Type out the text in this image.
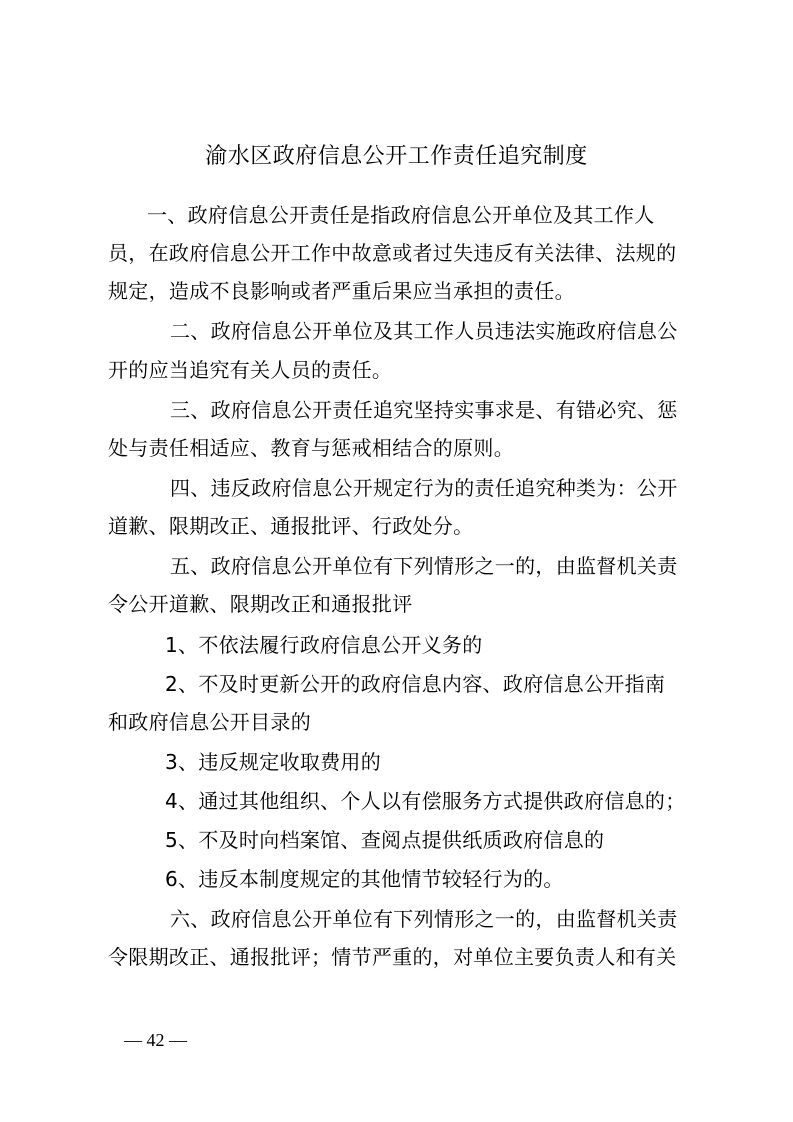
渝水区政府信息公开工作责任追究制度
一、政府信息公开责任是指政府信息公开单位及其工作人
员，在政府信息公开工作中故意或者过失违反有关法律、法规的
规定，造成不良影响或者严重后果应当承担的责任。
二、政府信息公开单位及其工作人员违法实施政府信息公
开的应当追究有关人员的责任。
三、政府信息公开责任追究坚持实事求是、有错必究、惩
处与责任相适应、教育与惩戒相结合的原则。
四、违反政府信息公开规定行为的责任追究种类为：公开
道歉、限期改正、通报批评、行政处分。
五、政府信息公开单位有下列情形之一的，由监督机关责
令公开道歉、限期改正和通报批评
1、不依法履行政府信息公开义务的
2、不及时更新公开的政府信息内容、政府信息公开指南
和政府信息公开目录的
3、违反规定收取费用的
4、通过其他组织、个人以有偿服务方式提供政府信息的；
5、不及时向档案馆、查阅点提供纸质政府信息的
6、违反本制度规定的其他情节较轻行为的。
六、政府信息公开单位有下列情形之一的，由监督机关责
令限期改正、通报批评；情节严重的，对单位主要负责人和有关
— 42 —
